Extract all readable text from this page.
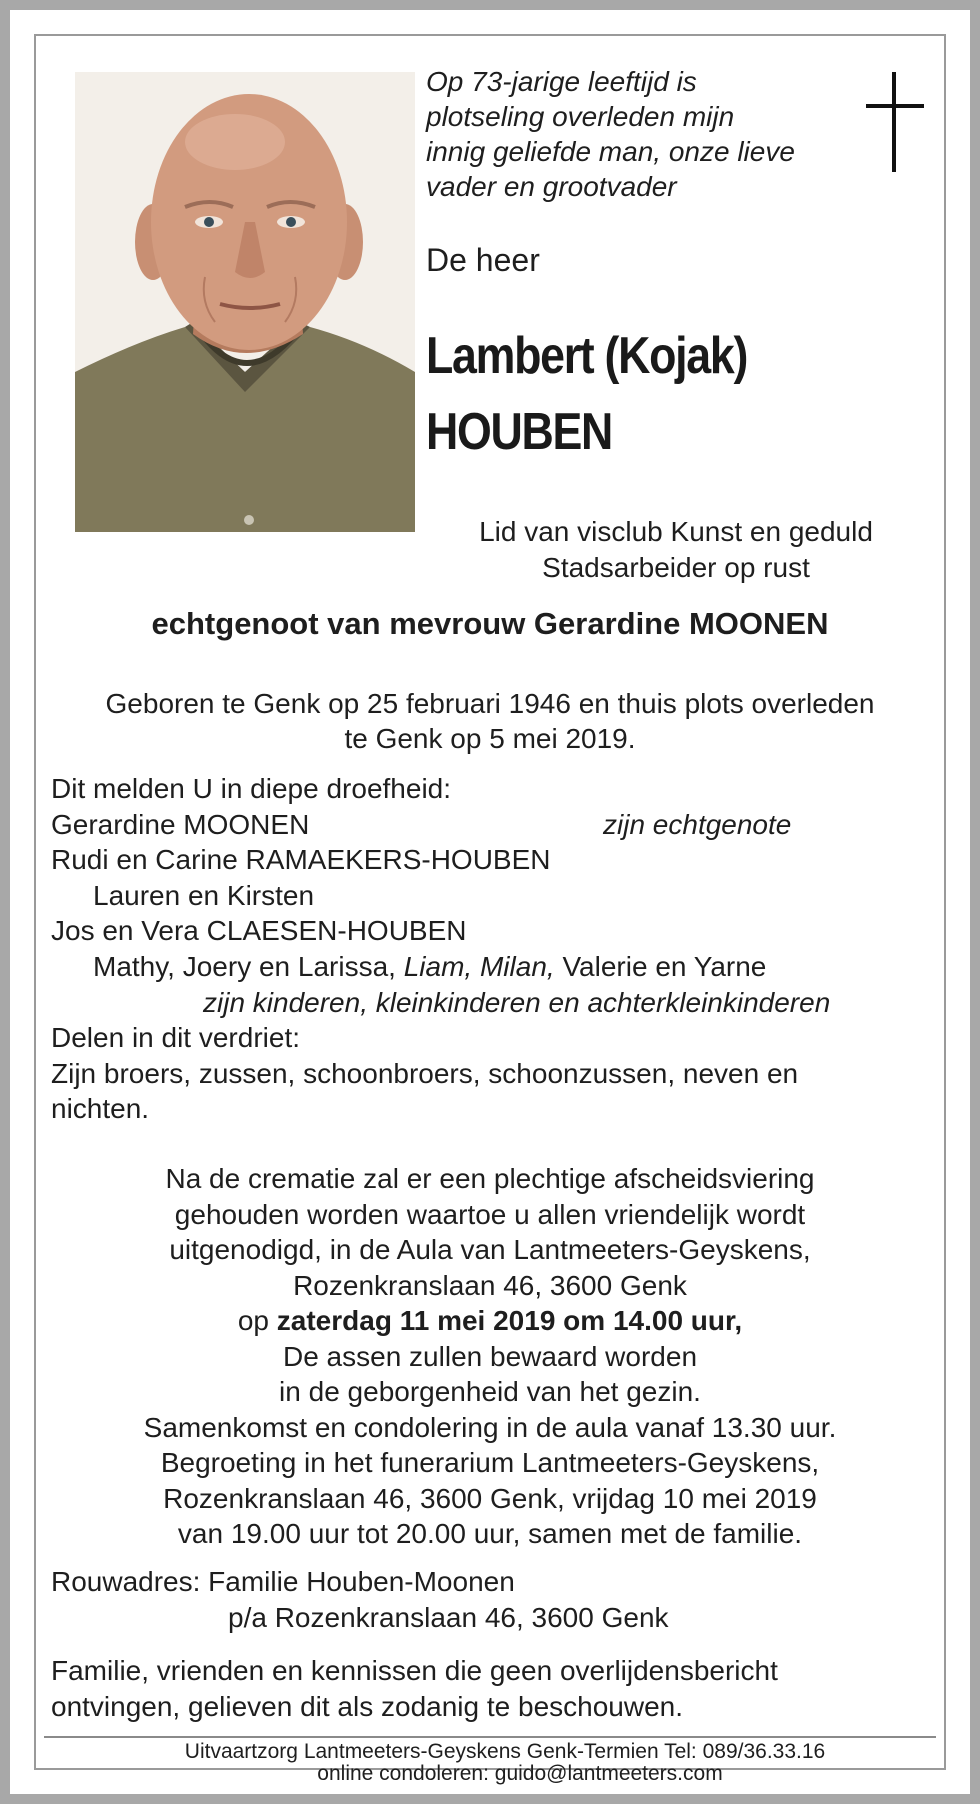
Op 73-jarige leeftijd is
plotseling overleden mijn
innig geliefde man, onze lieve
vader en grootvader
De heer
Lambert (Kojak)
HOUBEN
Lid van visclub Kunst en geduld
Stadsarbeider op rust
echtgenoot van mevrouw Gerardine MOONEN
Geboren te Genk op 25 februari 1946 en thuis plots overleden
te Genk op 5 mei 2019.
Dit melden U in diepe droefheid:
Gerardine MOONEN	zijn echtgenote
Rudi en Carine RAMAEKERS-HOUBEN
Lauren en Kirsten
Jos en Vera CLAESEN-HOUBEN
Mathy, Joery en Larissa, Liam, Milan, Valerie en Yarne
zijn kinderen, kleinkinderen en achterkleinkinderen
Delen in dit verdriet:
Zijn broers, zussen, schoonbroers, schoonzussen, neven en
nichten.
Na de crematie zal er een plechtige afscheidsviering
gehouden worden waartoe u allen vriendelijk wordt
uitgenodigd, in de Aula van Lantmeeters-Geyskens,
Rozenkranslaan 46, 3600 Genk
op zaterdag 11 mei 2019 om 14.00 uur,
De assen zullen bewaard worden
in de geborgenheid van het gezin.
Samenkomst en condolering in de aula vanaf 13.30 uur.
Begroeting in het funerarium Lantmeeters-Geyskens,
Rozenkranslaan 46, 3600 Genk, vrijdag 10 mei 2019
van 19.00 uur tot 20.00 uur, samen met de familie.
Rouwadres: Familie Houben-Moonen
p/a Rozenkranslaan 46, 3600 Genk
Familie, vrienden en kennissen die geen overlijdensbericht
ontvingen, gelieven dit als zodanig te beschouwen.
Uitvaartzorg Lantmeeters-Geyskens Genk-Termien Tel: 089/36.33.16
online condoleren: guido@lantmeeters.com
